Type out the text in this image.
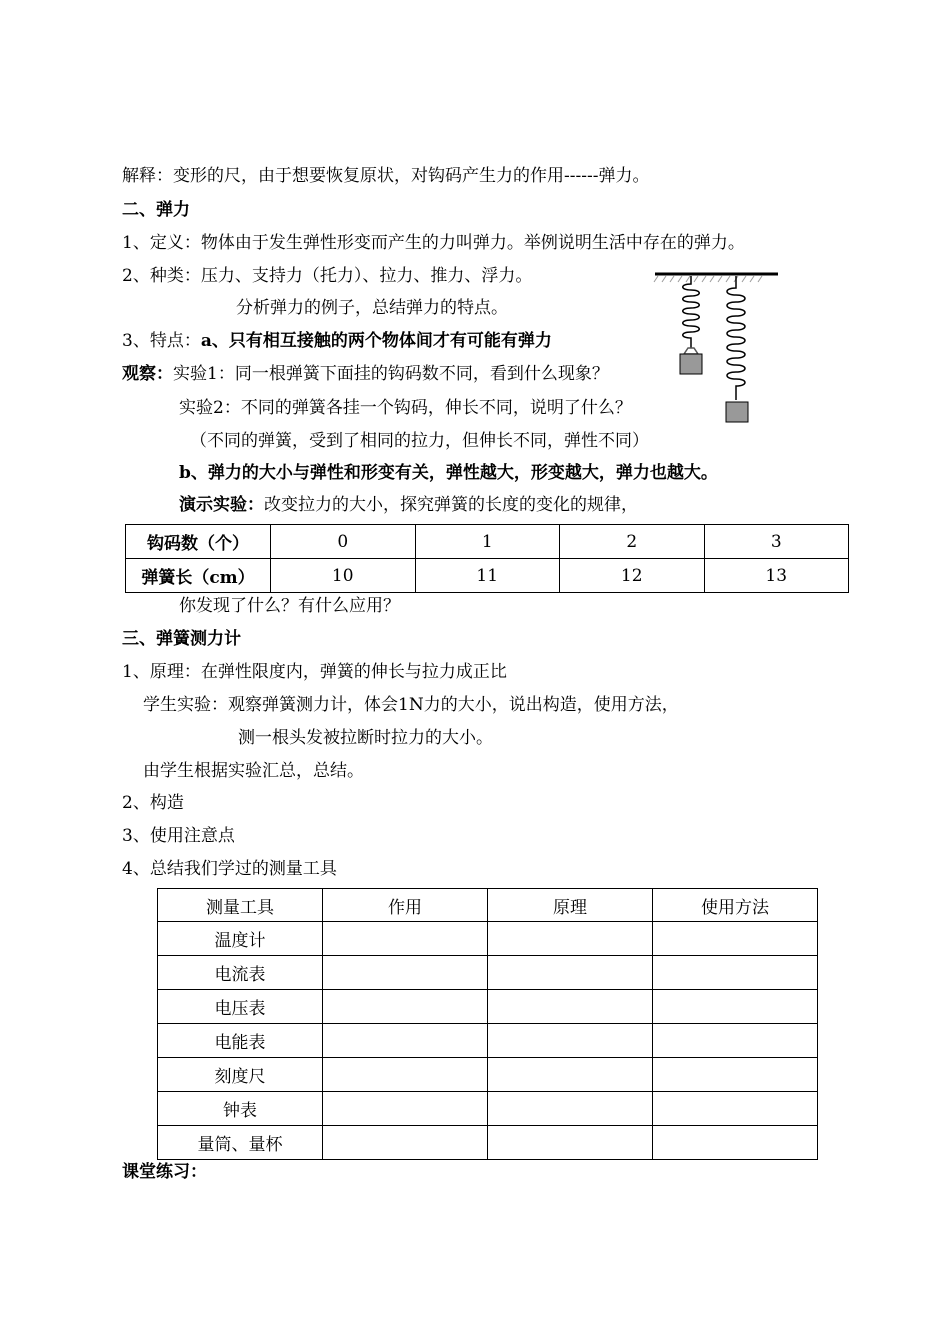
解释：变形的尺，由于想要恢复原状，对钩码产生力的作用------弹力。
二、弹力
1、定义：物体由于发生弹性形变而产生的力叫弹力。举例说明生活中存在的弹力。
2、种类：压力、支持力（托力）、拉力、推力、浮力。
分析弹力的例子，总结弹力的特点。
3、特点：a、只有相互接触的两个物体间才有可能有弹力
观察：实验1：同一根弹簧下面挂的钩码数不同，看到什么现象？
实验2：不同的弹簧各挂一个钩码，伸长不同，说明了什么？
（不同的弹簧，受到了相同的拉力，但伸长不同，弹性不同）
b、弹力的大小与弹性和形变有关，弹性越大，形变越大，弹力也越大。
演示实验：改变拉力的大小，探究弹簧的长度的变化的规律，
钩码数（个）	0	1	2	3
弹簧长（cm）	10	11	12	13
你发现了什么？有什么应用？
三、弹簧测力计
1、原理：在弹性限度内，弹簧的伸长与拉力成正比
学生实验：观察弹簧测力计，体会1N力的大小，说出构造，使用方法，
测一根头发被拉断时拉力的大小。
由学生根据实验汇总，总结。
2、构造
3、使用注意点
4、总结我们学过的测量工具
测量工具	作用	原理	使用方法
温度计			
电流表			
电压表			
电能表			
刻度尺			
钟表			
量筒、量杯			
课堂练习：
